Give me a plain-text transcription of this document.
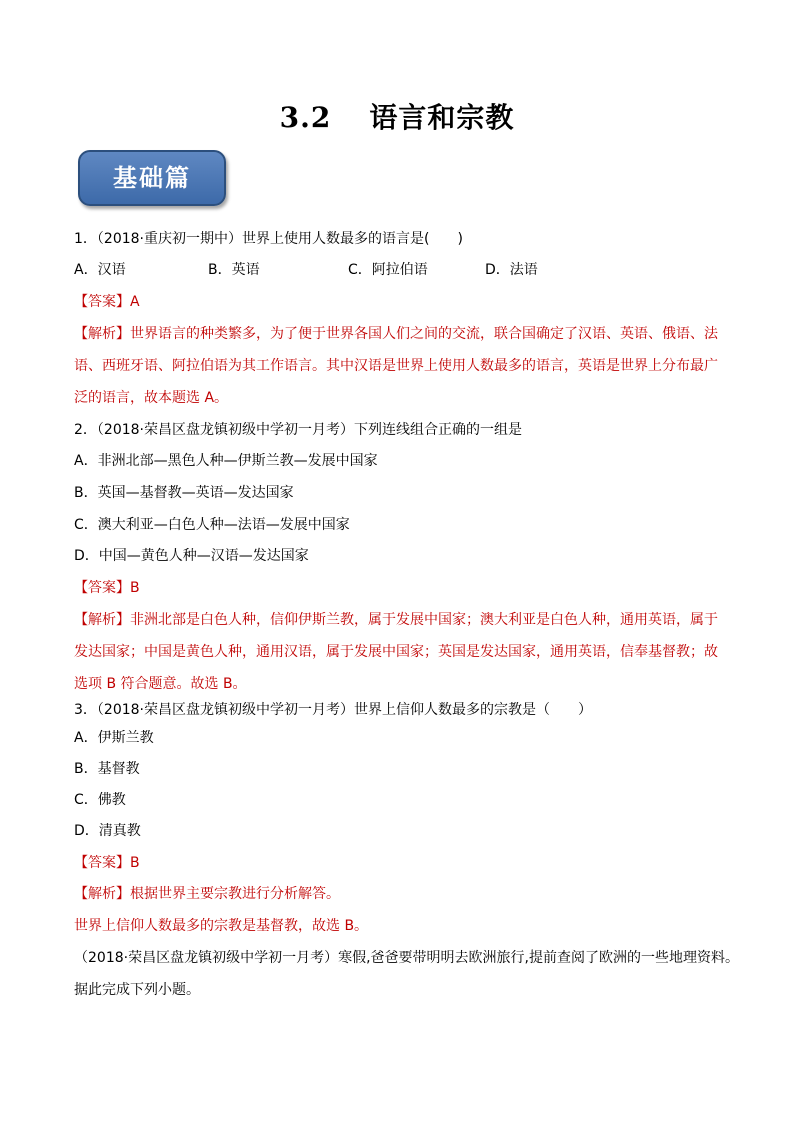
3.2 语言和宗教
基础篇
1．（2018·重庆初一期中）世界上使用人数最多的语言是(　　)
A．汉语	B．英语	C．阿拉伯语	D．法语
【答案】A
【解析】世界语言的种类繁多，为了便于世界各国人们之间的交流，联合国确定了汉语、英语、俄语、法
语、西班牙语、阿拉伯语为其工作语言。其中汉语是世界上使用人数最多的语言，英语是世界上分布最广
泛的语言，故本题选 A。
2．（2018·荣昌区盘龙镇初级中学初一月考）下列连线组合正确的一组是
A．非洲北部—黑色人种—伊斯兰教—发展中国家
B．英国—基督教—英语—发达国家
C．澳大利亚—白色人种—法语—发展中国家
D．中国—黄色人种—汉语—发达国家
【答案】B
【解析】非洲北部是白色人种，信仰伊斯兰教，属于发展中国家；澳大利亚是白色人种，通用英语，属于
发达国家；中国是黄色人种，通用汉语，属于发展中国家；英国是发达国家，通用英语，信奉基督教；故
选项 B 符合题意。故选 B。
3．（2018·荣昌区盘龙镇初级中学初一月考）世界上信仰人数最多的宗教是（　　）
A．伊斯兰教
B．基督教
C．佛教
D．清真教
【答案】B
【解析】根据世界主要宗教进行分析解答。
世界上信仰人数最多的宗教是基督教，故选 B。
（2018·荣昌区盘龙镇初级中学初一月考）寒假,爸爸要带明明去欧洲旅行,提前查阅了欧洲的一些地理资料。
据此完成下列小题。
